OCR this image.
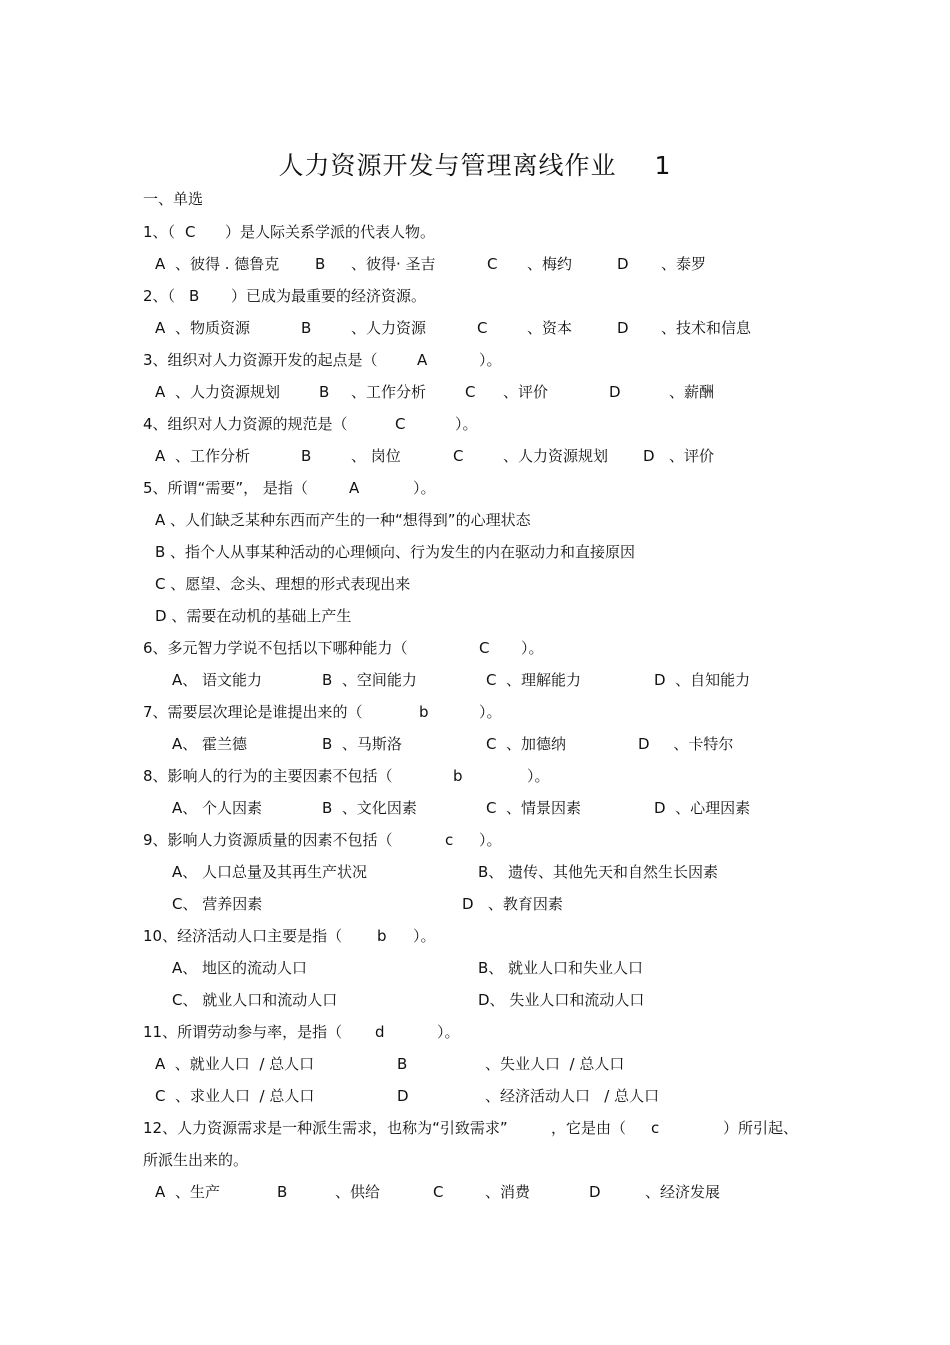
人力资源开发与管理离线作业 1
一、单选
1、（ C ）是人际关系学派的代表人物。
A 、彼得 . 德鲁克 B 、彼得· 圣吉	C 、梅约	D 、泰罗
2、（ B ）已成为最重要的经济资源。
A 、物质资源	B	、人力资源	C	、资本	D 、技术和信息
3、组织对人力资源开发的起点是（	A	）。
A 、人力资源规划	B 、工作分析	C 、评价	D	、薪酬
4、组织对人力资源的规范是（	C	）。
A 、工作分析	B	、 岗位	C	、人力资源规划 D 、评价
5、所谓“需要”， 是指（	A	）。
A 、人们缺乏某种东西而产生的一种“想得到”的心理状态
B 、指个人从事某种活动的心理倾向、行为发生的内在驱动力和直接原因
C 、愿望、念头、理想的形式表现出来
D 、需要在动机的基础上产生
6、多元智力学说不包括以下哪种能力（	C ）。
A、 语文能力	B  、空间能力	C  、理解能力	D  、自知能力
7、需要层次理论是谁提出来的（	b	）。
A、 霍兰德	B  、马斯洛	C  、加德纳	D     、卡特尔
8、影响人的行为的主要因素不包括（	b	）。
A、 个人因素	B  、文化因素	C  、情景因素	D  、心理因素
9、影响人力资源质量的因素不包括（	c ）。
A、 人口总量及其再生产状况	B、 遗传、其他先天和自然生长因素
C、 营养因素	D   、教育因素
10、经济活动人口主要是指（ b ）。
A、 地区的流动人口	B、 就业人口和失业人口
C、 就业人口和流动人口	D、 失业人口和流动人口
11、所谓劳动参与率，是指（ d	）。
A  、就业人口  / 总人口	B	、失业人口  / 总人口
C  、求业人口  / 总人口	D	、经济活动人口   / 总人口
12、人力资源需求是一种派生需求，也称为“引致需求”	，它是由（ c	）所引起、
所派生出来的。
A 、生产	B	、供给	C	、消费	D	、经济发展
